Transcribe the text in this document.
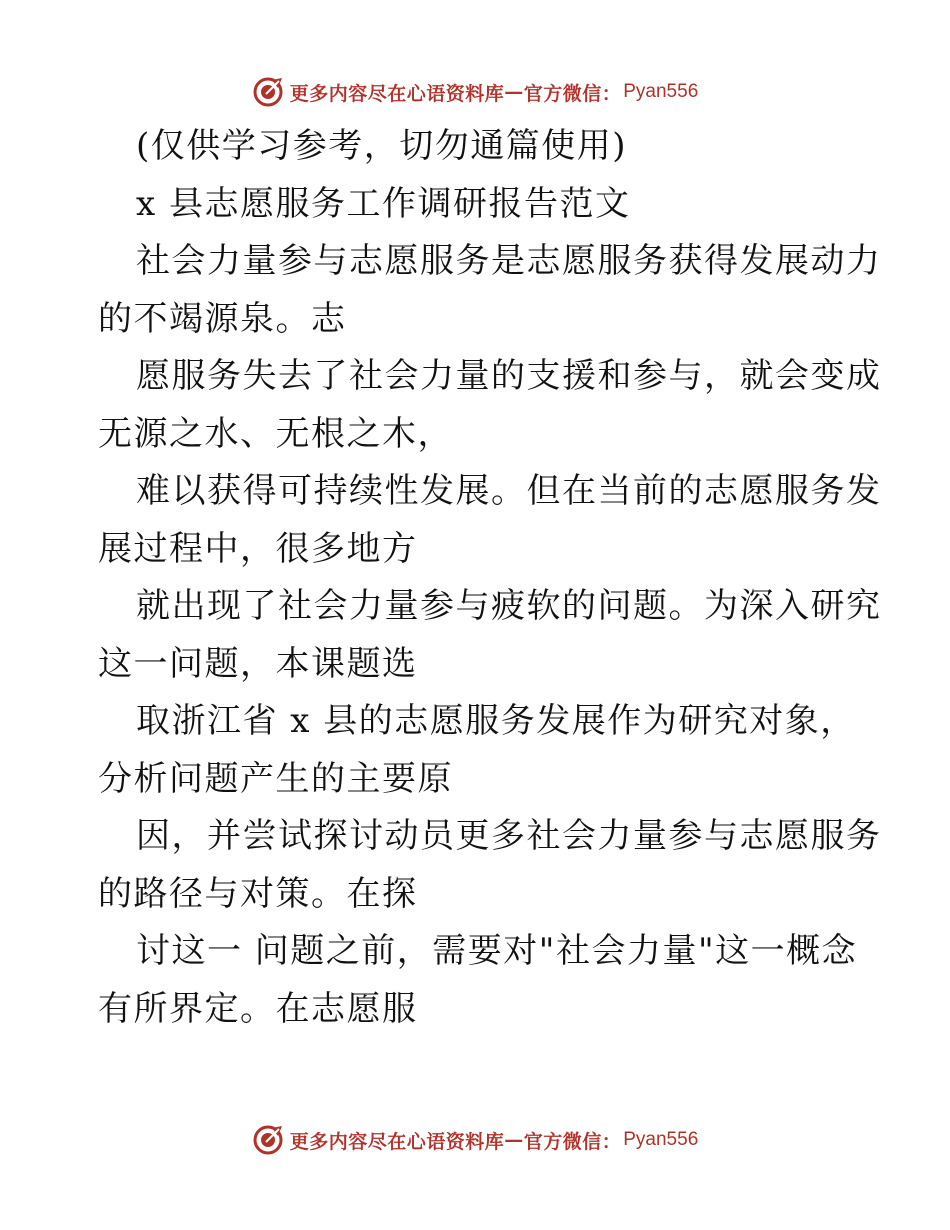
更多内容尽在心语资料库 — 官方微信： Pyan556
(仅供学习参考，切勿通篇使用)
x 县志愿服务工作调研报告范文
社会力量参与志愿服务是志愿服务获得发展动力
的不竭源泉。志
愿服务失去了社会力量的支援和参与，就会变成
无源之水、无根之木，
难以获得可持续性发展。但在当前的志愿服务发
展过程中，很多地方
就出现了社会力量参与疲软的问题。为深入研究
这一问题，本课题选
取浙江省 x 县的志愿服务发展作为研究对象，
分析问题产生的主要原
因，并尝试探讨动员更多社会力量参与志愿服务
的路径与对策。在探
讨这一 问题之前，需要对"社会力量"这一概念
有所界定。在志愿服
更多内容尽在心语资料库 — 官方微信： Pyan556
